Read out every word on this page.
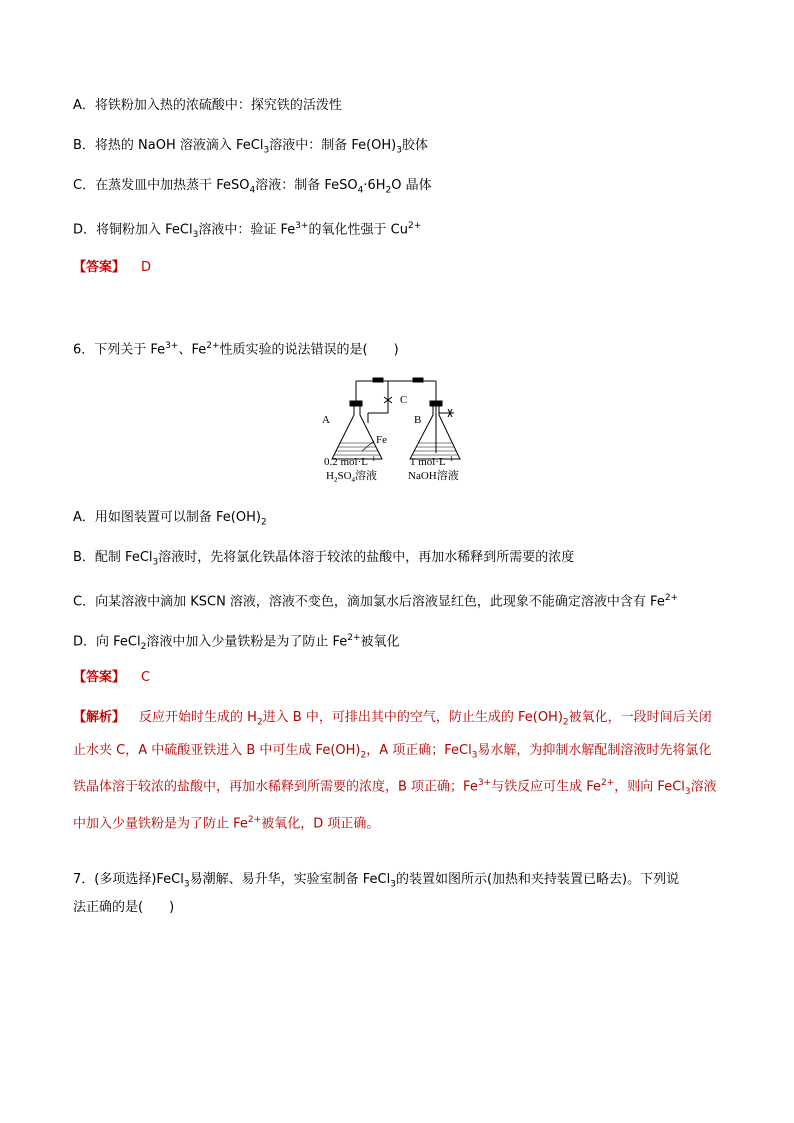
A．将铁粉加入热的浓硫酸中：探究铁的活泼性
B．将热的 NaOH 溶液滴入 FeCl$_3$溶液中：制备 $Fe(OH)_3$胶体
C．在蒸发皿中加热蒸干 FeSO$_4$溶液：制备 $FeSO_4\cdot 6H_2O$ 晶体
D．将铜粉加入 FeCl$_3$溶液中：验证 $Fe^{3+}$的氧化性强于 $Cu^{2+}$
【答案】 D
6．下列关于 $Fe^{3+}$、$Fe^{2+}$性质实验的说法错误的是(　　)
A	B
C
Fe
0.2 $mol\cdot L^{-1}$
$H_2SO_4$溶液
1 $mol\cdot L^{-1}$
NaOH溶液
A．用如图装置可以制备 $Fe(OH)_2$
B．配制 FeCl$_3$溶液时，先将氯化铁晶体溶于较浓的盐酸中，再加水稀释到所需要的浓度
C．向某溶液中滴加 KSCN 溶液，溶液不变色，滴加氯水后溶液显红色，此现象不能确定溶液中含有 $Fe^{2+}$
D．向 FeCl$_2$溶液中加入少量铁粉是为了防止 $Fe^{2+}$被氧化
【答案】 C
【解析】 反应开始时生成的 $H_2$进入 B 中，可排出其中的空气，防止生成的 $Fe(OH)_2$被氧化，一段时间后关闭止水夹 C，A 中硫酸亚铁进入 B 中可生成 $Fe(OH)_2$，A 项正确；FeCl$_3$易水解，为抑制水解配制溶液时先将氯化铁晶体溶于较浓的盐酸中，再加水稀释到所需要的浓度，B 项正确；$Fe^{3+}$与铁反应可生成 $Fe^{2+}$，则向 FeCl$_3$溶液中加入少量铁粉是为了防止 $Fe^{2+}$被氧化，D 项正确。
7．(多项选择)FeCl$_3$易潮解、易升华，实验室制备 FeCl$_3$的装置如图所示(加热和夹持装置已略去)。下列说
法正确的是(　　)
